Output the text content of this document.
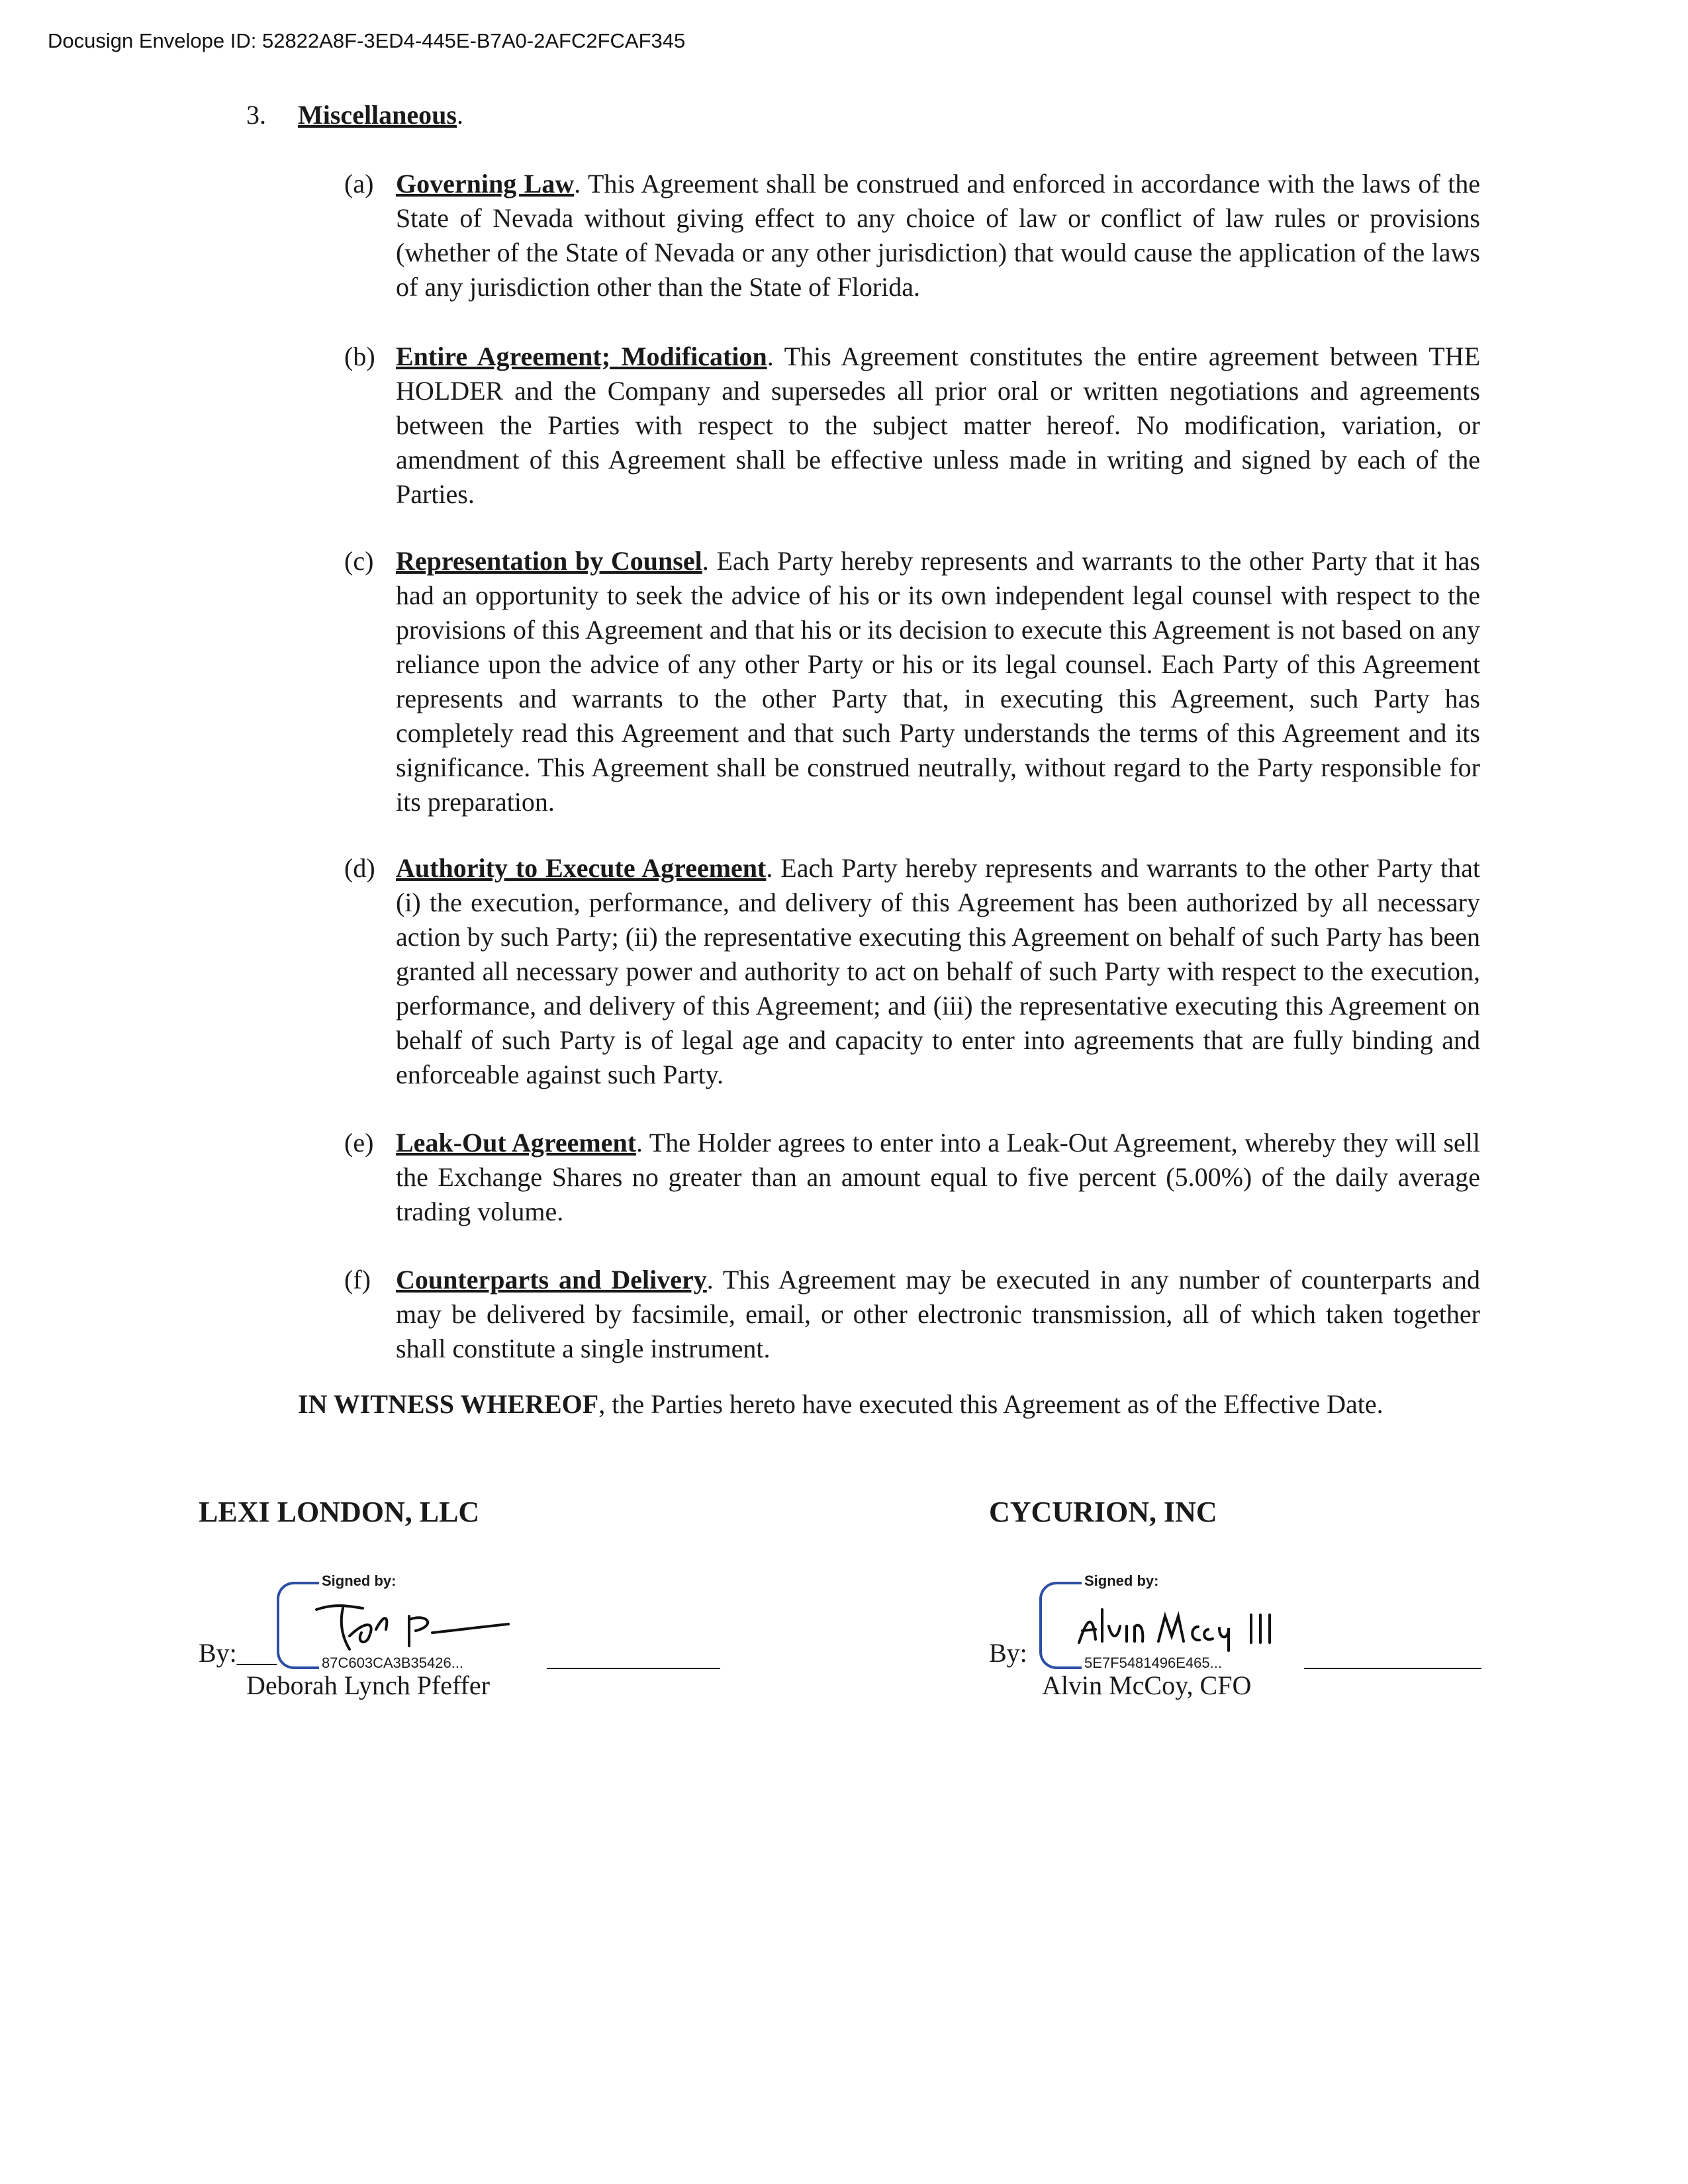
Docusign Envelope ID: 52822A8F-3ED4-445E-B7A0-2AFC2FCAF345
3. Miscellaneous.
(a) Governing Law. This Agreement shall be construed and enforced in accordance with the laws of the State of Nevada without giving effect to any choice of law or conflict of law rules or provisions (whether of the State of Nevada or any other jurisdiction) that would cause the application of the laws of any jurisdiction other than the State of Florida.
(b) Entire Agreement; Modification. This Agreement constitutes the entire agreement between THE HOLDER and the Company and supersedes all prior oral or written negotiations and agreements between the Parties with respect to the subject matter hereof. No modification, variation, or amendment of this Agreement shall be effective unless made in writing and signed by each of the Parties.
(c) Representation by Counsel. Each Party hereby represents and warrants to the other Party that it has had an opportunity to seek the advice of his or its own independent legal counsel with respect to the provisions of this Agreement and that his or its decision to execute this Agreement is not based on any reliance upon the advice of any other Party or his or its legal counsel. Each Party of this Agreement represents and warrants to the other Party that, in executing this Agreement, such Party has completely read this Agreement and that such Party understands the terms of this Agreement and its significance. This Agreement shall be construed neutrally, without regard to the Party responsible for its preparation.
(d) Authority to Execute Agreement. Each Party hereby represents and warrants to the other Party that (i) the execution, performance, and delivery of this Agreement has been authorized by all necessary action by such Party; (ii) the representative executing this Agreement on behalf of such Party has been granted all necessary power and authority to act on behalf of such Party with respect to the execution, performance, and delivery of this Agreement; and (iii) the representative executing this Agreement on behalf of such Party is of legal age and capacity to enter into agreements that are fully binding and enforceable against such Party.
(e) Leak-Out Agreement. The Holder agrees to enter into a Leak-Out Agreement, whereby they will sell the Exchange Shares no greater than an amount equal to five percent (5.00%) of the daily average trading volume.
(f) Counterparts and Delivery. This Agreement may be executed in any number of counterparts and may be delivered by facsimile, email, or other electronic transmission, all of which taken together shall constitute a single instrument.
IN WITNESS WHEREOF, the Parties hereto have executed this Agreement as of the Effective Date.
LEXI LONDON, LLC
Signed by:
87C603CA3B35426...
By:___
Deborah Lynch Pfeffer
CYCURION, INC
Signed by:
5E7F5481496E465...
By:
Alvin McCoy, CFO
